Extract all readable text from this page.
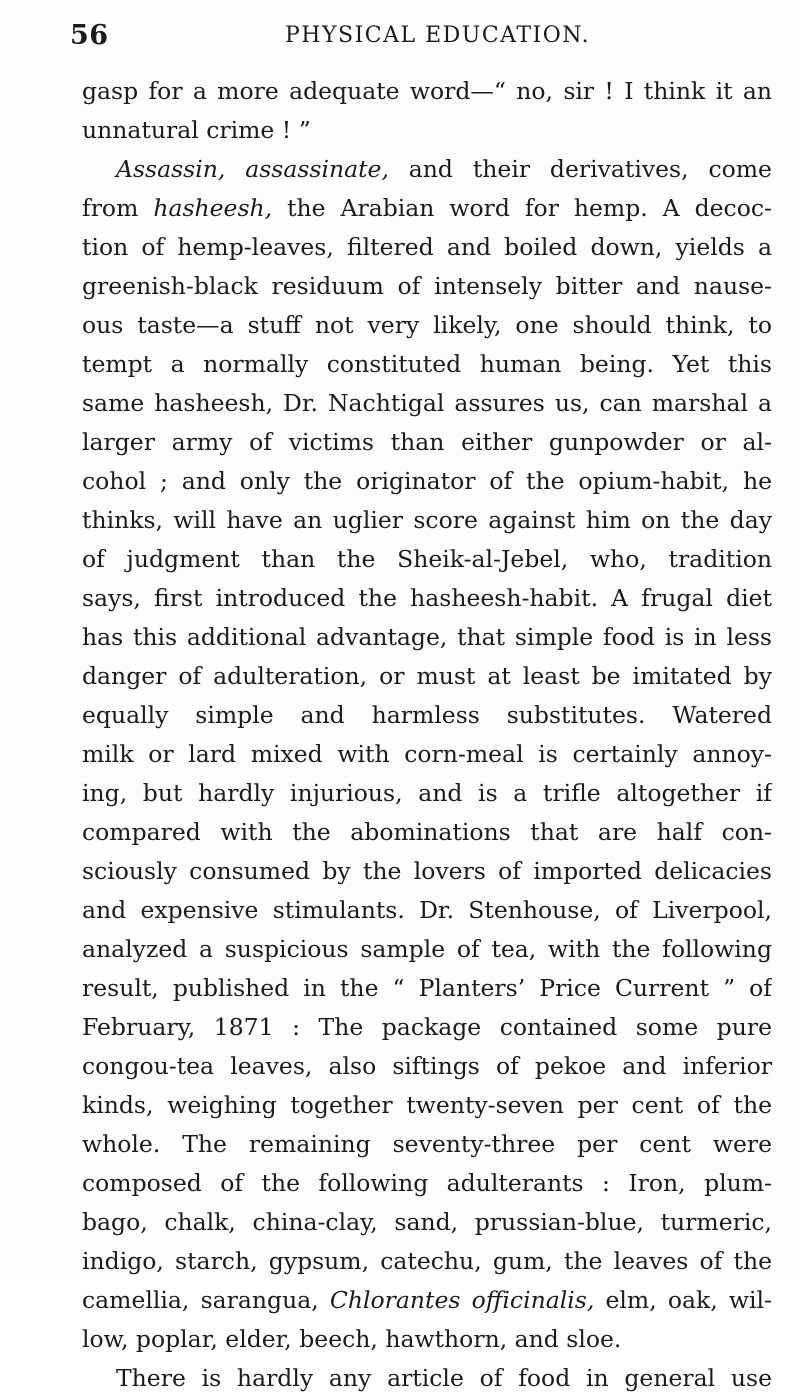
56	PHYSICAL EDUCATION.
gasp for a more adequate word—“ no, sir ! I think it an
unnatural crime ! ”
Assassin, assassinate, and their derivatives, come
from hasheesh, the Arabian word for hemp. A decoc-
tion of hemp-leaves, filtered and boiled down, yields a
greenish-black residuum of intensely bitter and nause-
ous taste—a stuff not very likely, one should think, to
tempt a normally constituted human being. Yet this
same hasheesh, Dr. Nachtigal assures us, can marshal a
larger army of victims than either gunpowder or al-
cohol ; and only the originator of the opium-habit, he
thinks, will have an uglier score against him on the day
of judgment than the Sheik-al-Jebel, who, tradition
says, first introduced the hasheesh-habit. A frugal diet
has this additional advantage, that simple food is in less
danger of adulteration, or must at least be imitated by
equally simple and harmless substitutes. Watered
milk or lard mixed with corn-meal is certainly annoy-
ing, but hardly injurious, and is a trifle altogether if
compared with the abominations that are half con-
sciously consumed by the lovers of imported delicacies
and expensive stimulants. Dr. Stenhouse, of Liverpool,
analyzed a suspicious sample of tea, with the following
result, published in the “ Planters’ Price Current ” of
February, 1871 : The package contained some pure
congou-tea leaves, also siftings of pekoe and inferior
kinds, weighing together twenty-seven per cent of the
whole. The remaining seventy-three per cent were
composed of the following adulterants : Iron, plum-
bago, chalk, china-clay, sand, prussian-blue, turmeric,
indigo, starch, gypsum, catechu, gum, the leaves of the
camellia, sarangua, Chlorantes officinalis, elm, oak, wil-
low, poplar, elder, beech, hawthorn, and sloe.
There is hardly any article of food in general use
